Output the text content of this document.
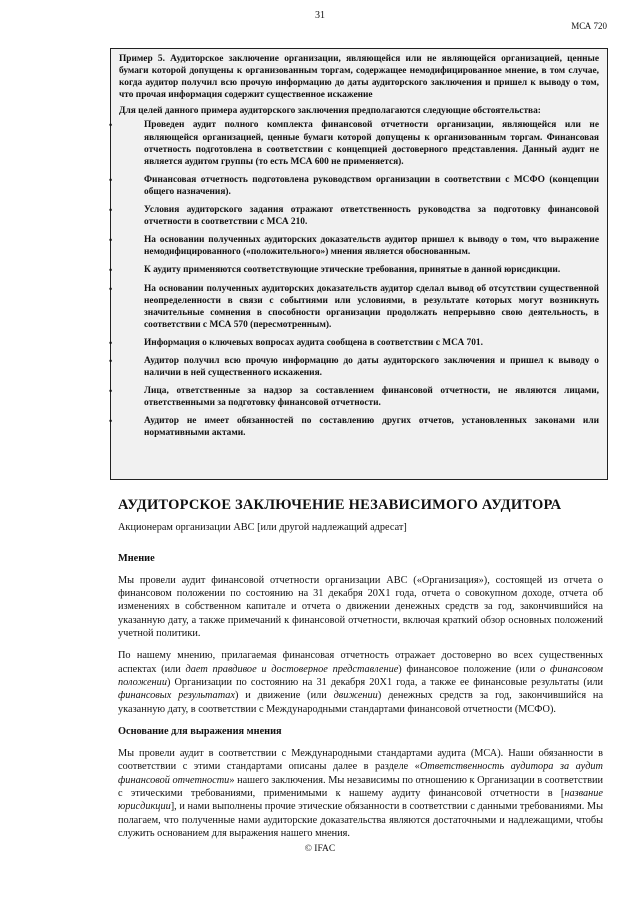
31
МСА 720

Пример 5. Аудиторское заключение организации, являющейся или не являющейся организацией, ценные бумаги которой допущены к организованным торгам, содержащее немодифицированное мнение, в том случае, когда аудитор получил всю прочую информацию до даты аудиторского заключения и пришел к выводу о том, что прочая информация содержит существенное искажение

Для целей данного примера аудиторского заключения предполагаются следующие обстоятельства:

•	Проведен аудит полного комплекта финансовой отчетности организации, являющейся или не являющейся организацией, ценные бумаги которой допущены к организованным торгам. Финансовая отчетность подготовлена в соответствии с концепцией достоверного представления. Данный аудит не является аудитом группы (то есть МСА 600 не применяется).
•	Финансовая отчетность подготовлена руководством организации в соответствии с МСФО (концепции общего назначения).
•	Условия аудиторского задания отражают ответственность руководства за подготовку финансовой отчетности в соответствии с МСА 210.
•	На основании полученных аудиторских доказательств аудитор пришел к выводу о том, что выражение немодифицированного («положительного») мнения является обоснованным.
•	К аудиту применяются соответствующие этические требования, принятые в данной юрисдикции.
•	На основании полученных аудиторских доказательств аудитор сделал вывод об отсутствии существенной неопределенности в связи с событиями или условиями, в результате которых могут возникнуть значительные сомнения в способности организации продолжать непрерывно свою деятельность, в соответствии с МСА 570 (пересмотренным).
•	Информация о ключевых вопросах аудита сообщена в соответствии с МСА 701.
•	Аудитор получил всю прочую информацию до даты аудиторского заключения и пришел к выводу о наличии в ней существенного искажения.
•	Лица, ответственные за надзор за составлением финансовой отчетности, не являются лицами, ответственными за подготовку финансовой отчетности.
•	Аудитор не имеет обязанностей по составлению других отчетов, установленных законами или нормативными актами.
АУДИТОРСКОЕ ЗАКЛЮЧЕНИЕ НЕЗАВИСИМОГО АУДИТОРА

Акционерам организации ABC [или другой надлежащий адресат]

Мнение

Мы провели аудит финансовой отчетности организации ABC («Организация»), состоящей из отчета о финансовом положении по состоянию на 31 декабря 20X1 года, отчета о совокупном доходе, отчета об изменениях в собственном капитале и отчета о движении денежных средств за год, закончившийся на указанную дату, а также примечаний к финансовой отчетности, включая краткий обзор основных положений учетной политики.

По нашему мнению, прилагаемая финансовая отчетность отражает достоверно во всех существенных аспектах (или дает правдивое и достоверное представление) финансовое положение (или о финансовом положении) Организации по состоянию на 31 декабря 20X1 года, а также ее финансовые результаты (или финансовых результатах) и движение (или движении) денежных средств за год, закончившийся на указанную дату, в соответствии с Международными стандартами финансовой отчетности (МСФО).

Основание для выражения мнения

Мы провели аудит в соответствии с Международными стандартами аудита (МСА). Наши обязанности в соответствии с этими стандартами описаны далее в разделе «Ответственность аудитора за аудит финансовой отчетности» нашего заключения. Мы независимы по отношению к Организации в соответствии с этическими требованиями, применимыми к нашему аудиту финансовой отчетности в [название юрисдикции], и нами выполнены прочие этические обязанности в соответствии с данными требованиями. Мы полагаем, что полученные нами аудиторские доказательства являются достаточными и надлежащими, чтобы служить основанием для выражения нашего мнения.

© IFAC
